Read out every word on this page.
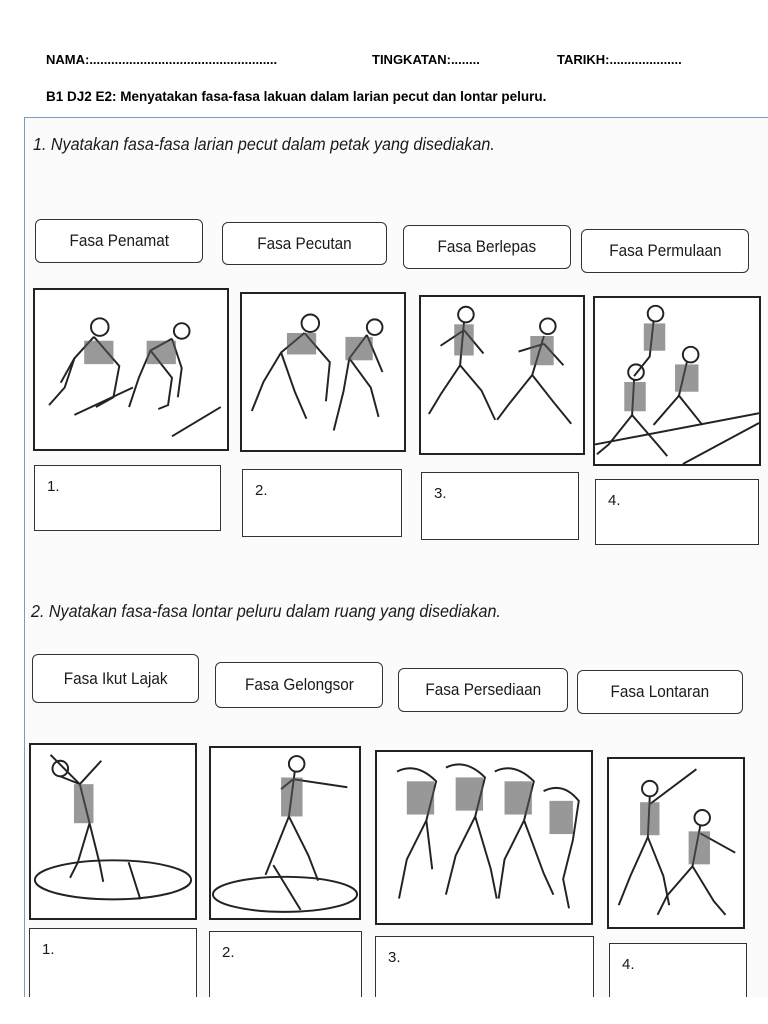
NAMA:....................................................	TINGKATAN:........	TARIKH:....................
B1 DJ2 E2: Menyatakan fasa-fasa lakuan dalam larian pecut dan lontar peluru.

1. Nyatakan fasa-fasa larian pecut dalam petak yang disediakan.
Fasa Penamat	Fasa Pecutan	Fasa Berlepas	Fasa Permulaan
1.	2.	3.	4.
2. Nyatakan fasa-fasa lontar peluru dalam ruang yang disediakan.
Fasa Ikut Lajak	Fasa Gelongsor	Fasa Persediaan	Fasa Lontaran
1.	2.	3.	4.
